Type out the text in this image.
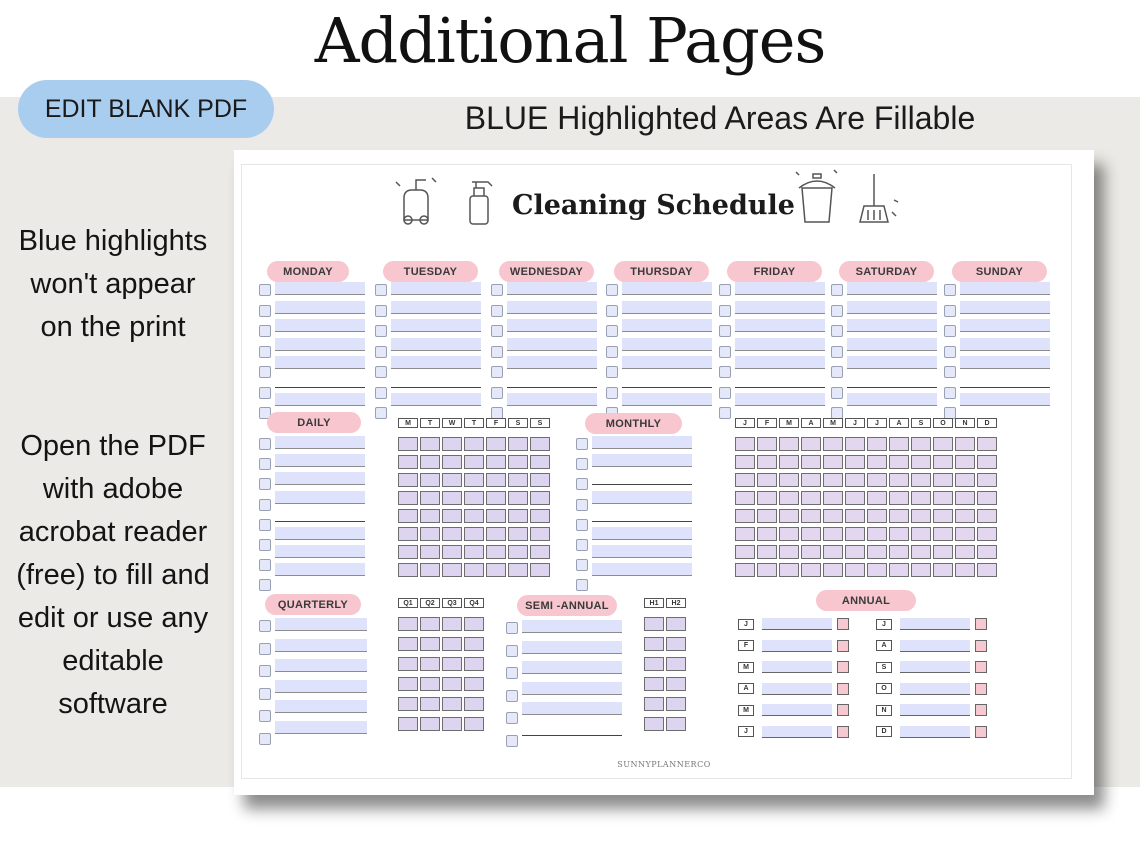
Additional Pages
EDIT BLANK PDF	BLUE Highlighted Areas Are Fillable
Blue highlights
won't appear
on the print
Open the PDF
with adobe
acrobat reader
(free) to fill and
edit or use any
editable
software
Cleaning Schedule
MONDAY	TUESDAY	WEDNESDAY	THURSDAY	FRIDAY	SATURDAY	SUNDAY
DAILY	M	T	W	T	F	S	S	MONTHLY	J	F	M	A	M	J	J	A	S	O	N	D
QUARTERLY	Q1	Q2	Q3	Q4	SEMI -ANNUAL	H1	H2	ANNUAL
J
F
M
A
M
J
J
A
S
O
N
D
SUNNYPLANNERCO
